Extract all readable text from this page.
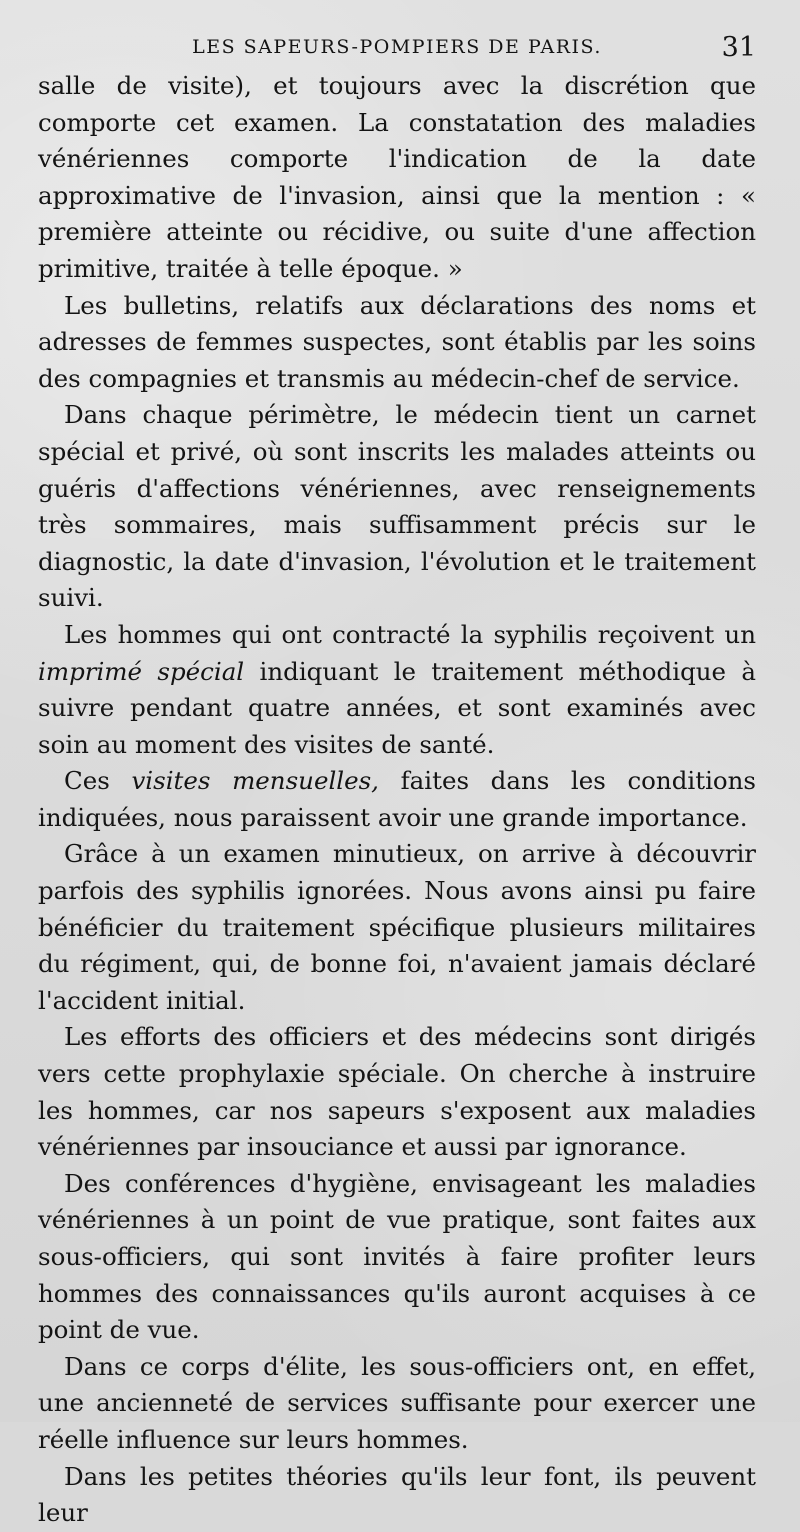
LES SAPEURS-POMPIERS DE PARIS.	31

salle de visite), et toujours avec la discrétion que comporte cet examen. La constatation des maladies vénériennes comporte l'indication de la date approximative de l'invasion, ainsi que la mention : « première atteinte ou récidive, ou suite d'une affection primitive, traitée à telle époque. »

Les bulletins, relatifs aux déclarations des noms et adresses de femmes suspectes, sont établis par les soins des compagnies et transmis au médecin-chef de service.

Dans chaque périmètre, le médecin tient un carnet spécial et privé, où sont inscrits les malades atteints ou guéris d'affections vénériennes, avec renseignements très sommaires, mais suffisamment précis sur le diagnostic, la date d'invasion, l'évolution et le traitement suivi.

Les hommes qui ont contracté la syphilis reçoivent un imprimé spécial indiquant le traitement méthodique à suivre pendant quatre années, et sont examinés avec soin au moment des visites de santé.

Ces visites mensuelles, faites dans les conditions indiquées, nous paraissent avoir une grande importance.

Grâce à un examen minutieux, on arrive à découvrir parfois des syphilis ignorées. Nous avons ainsi pu faire bénéficier du traitement spécifique plusieurs militaires du régiment, qui, de bonne foi, n'avaient jamais déclaré l'accident initial.

Les efforts des officiers et des médecins sont dirigés vers cette prophylaxie spéciale. On cherche à instruire les hommes, car nos sapeurs s'exposent aux maladies vénériennes par insouciance et aussi par ignorance.

Des conférences d'hygiène, envisageant les maladies vénériennes à un point de vue pratique, sont faites aux sous-officiers, qui sont invités à faire profiter leurs hommes des connaissances qu'ils auront acquises à ce point de vue.

Dans ce corps d'élite, les sous-officiers ont, en effet, une ancienneté de services suffisante pour exercer une réelle influence sur leurs hommes.

Dans les petites théories qu'ils leur font, ils peuvent leur
